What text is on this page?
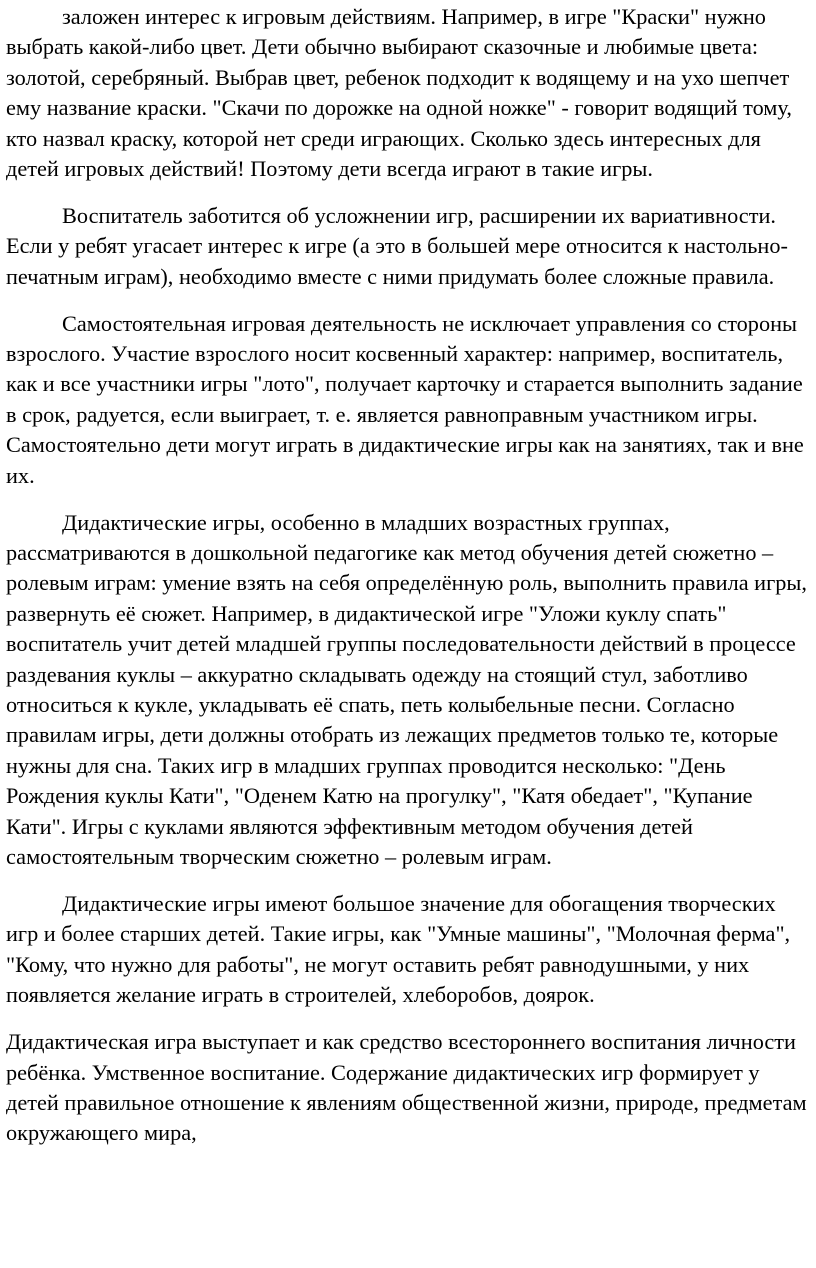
заложен интерес к игровым действиям. Например, в игре "Краски" нужно выбрать какой-либо цвет. Дети обычно выбирают сказочные и любимые цвета: золотой, серебряный. Выбрав цвет, ребенок подходит к водящему и на ухо шепчет ему название краски. "Скачи по дорожке на одной ножке" - говорит водящий тому, кто назвал краску, которой нет среди играющих. Сколько здесь интересных для детей игровых действий! Поэтому дети всегда играют в такие игры.

Воспитатель заботится об усложнении игр, расширении их вариативности. Если у ребят угасает интерес к игре (а это в большей мере относится к настольно- печатным играм), необходимо вместе с ними придумать более сложные правила.

Самостоятельная игровая деятельность не исключает управления со стороны взрослого. Участие взрослого носит косвенный характер: например, воспитатель, как и все участники игры "лото", получает карточку и старается выполнить задание в срок, радуется, если выиграет, т. е. является равноправным участником игры. Самостоятельно дети могут играть в дидактические игры как на занятиях, так и вне их.

Дидактические игры, особенно в младших возрастных группах, рассматриваются в дошкольной педагогике как метод обучения детей сюжетно – ролевым играм: умение взять на себя определённую роль, выполнить правила игры, развернуть её сюжет. Например, в дидактической игре "Уложи куклу спать" воспитатель учит детей младшей группы последовательности действий в процессе раздевания куклы – аккуратно складывать одежду на стоящий стул, заботливо относиться к кукле, укладывать её спать, петь колыбельные песни. Согласно правилам игры, дети должны отобрать из лежащих предметов только те, которые нужны для сна. Таких игр в младших группах проводится несколько: "День Рождения куклы Кати", "Оденем Катю на прогулку", "Катя обедает", "Купание Кати". Игры с куклами являются эффективным методом обучения детей самостоятельным творческим сюжетно – ролевым играм.

Дидактические игры имеют большое значение для обогащения творческих игр и более старших детей. Такие игры, как "Умные машины", "Молочная ферма", "Кому, что нужно для работы", не могут оставить ребят равнодушными, у них появляется желание играть в строителей, хлеборобов, доярок.

Дидактическая игра выступает и как средство всестороннего воспитания личности ребёнка. Умственное воспитание. Содержание дидактических игр формирует у детей правильное отношение к явлениям общественной жизни, природе, предметам окружающего мира,
